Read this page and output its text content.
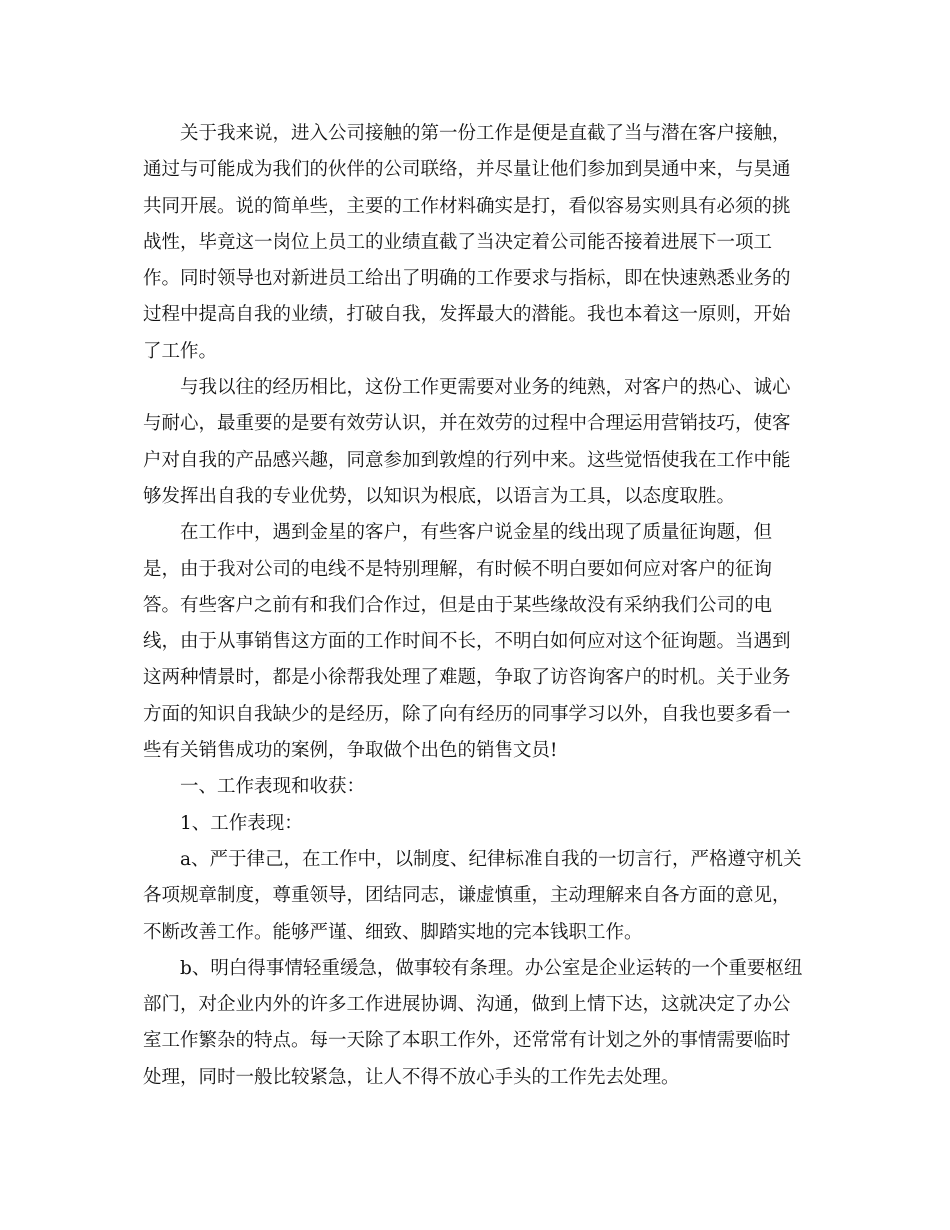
关于我来说，进入公司接触的第一份工作是便是直截了当与潜在客户接触，通过与可能成为我们的伙伴的公司联络，并尽量让他们参加到昊通中来，与昊通共同开展。说的简单些，主要的工作材料确实是打，看似容易实则具有必须的挑战性，毕竟这一岗位上员工的业绩直截了当决定着公司能否接着进展下一项工作。同时领导也对新进员工给出了明确的工作要求与指标，即在快速熟悉业务的过程中提高自我的业绩，打破自我，发挥最大的潜能。我也本着这一原则，开始了工作。

与我以往的经历相比，这份工作更需要对业务的纯熟，对客户的热心、诚心与耐心，最重要的是要有效劳认识，并在效劳的过程中合理运用营销技巧，使客户对自我的产品感兴趣，同意参加到敦煌的行列中来。这些觉悟使我在工作中能够发挥出自我的专业优势，以知识为根底，以语言为工具，以态度取胜。

在工作中，遇到金星的客户，有些客户说金星的线出现了质量征询题，但是，由于我对公司的电线不是特别理解，有时候不明白要如何应对客户的征询答。有些客户之前有和我们合作过，但是由于某些缘故没有采纳我们公司的电线，由于从事销售这方面的工作时间不长，不明白如何应对这个征询题。当遇到这两种情景时，都是小徐帮我处理了难题，争取了访咨询客户的时机。关于业务方面的知识自我缺少的是经历，除了向有经历的同事学习以外，自我也要多看一些有关销售成功的案例，争取做个出色的销售文员!

一、工作表现和收获：

1、工作表现：

a、严于律己，在工作中，以制度、纪律标准自我的一切言行，严格遵守机关各项规章制度，尊重领导，团结同志，谦虚慎重，主动理解来自各方面的意见，不断改善工作。能够严谨、细致、脚踏实地的完本钱职工作。

b、明白得事情轻重缓急，做事较有条理。办公室是企业运转的一个重要枢纽部门，对企业内外的许多工作进展协调、沟通，做到上情下达，这就决定了办公室工作繁杂的特点。每一天除了本职工作外，还常常有计划之外的事情需要临时处理，同时一般比较紧急，让人不得不放心手头的工作先去处理。
